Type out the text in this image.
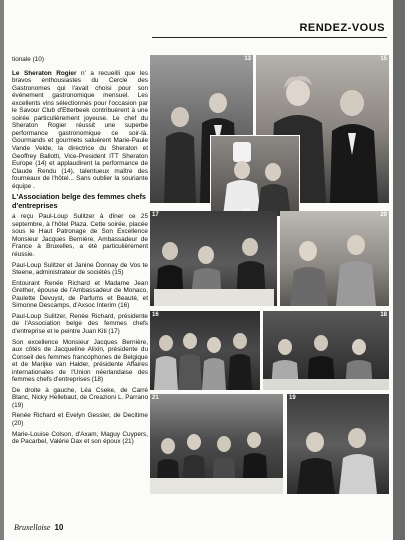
RENDEZ-VOUS

tionale (10)

Le Sheraton Rogier n' a recueilli que les bravos enthousiastes du Cercle des Gastronomes qui l'avait choisi pour son événement gastronomique mensuel. Les excellents vins sélectionnés pour l'occasion par le Savour Club d'Etterbeek contribuèrent à une soirée particulièrement joyeuse. Le chef du Sheraton Rogier réussit une superbe performance gastronomique ce soir-là. Gourmands et gourmets saluèrent Marie-Paule Vande Velde, la directrice du Sheraton et Geoffrey Ballotti, Vice-President ITT Sheraton Europe (14) et applaudirent la performance de Claude Rendu (14), talentueux maître des fourneaux de l'hôtel... Sans oublier la souriante équipe .

L'Association belge des femmes chefs d'entreprises

a reçu Paul-Loup Sulitzer à dîner ce 25 septembre, à l'hôtel Plaza. Cette soirée, placée sous le Haut Patronage de Son Excellence Monsieur Jacques Bernière, Ambassadeur de France à Bruxelles, a été particulièrement réussie.

Paul-Loup Sulitzer et Janine Donnay de Vos te Steene, administrateur de sociétés (15)

Entourant Renée Richard et Madame Jean Grether, épouse de l'Ambassadeur de Monaco, Paulette Devuyst, de Parfums et Beauté, et Simonne Descamps, d'Axsoc Interim (16)

Paul-Loup Sulitzer, Renée Richard, présidente de l'Association belge des femmes chefs d'entreprise et le peintre Juan Kiti (17)

Son excellence Monsieur Jacques Bernière, aux côtés de Jacqueline Alixin, présidente du Conseil des femmes francophones de Belgique et de Marijke van Halder, présidente Affaires internationales de l'Union néerlandaise des femmes chefs d'entreprises (18)

De droite à gauche, Léa Cseke, de Carré Blanc, Nicky Hellebaut, de Creazioni L. Parrano (19)

Renée Richard et Evelyn Gessler, de Decitime (20)

Marie-Louise Colson, d'Axam, Maguy Cuypers, de Pacarbel, Valérie Dax et son époux (21)

13	15
17	20
16	18
21	19
Bruxelloise 10
